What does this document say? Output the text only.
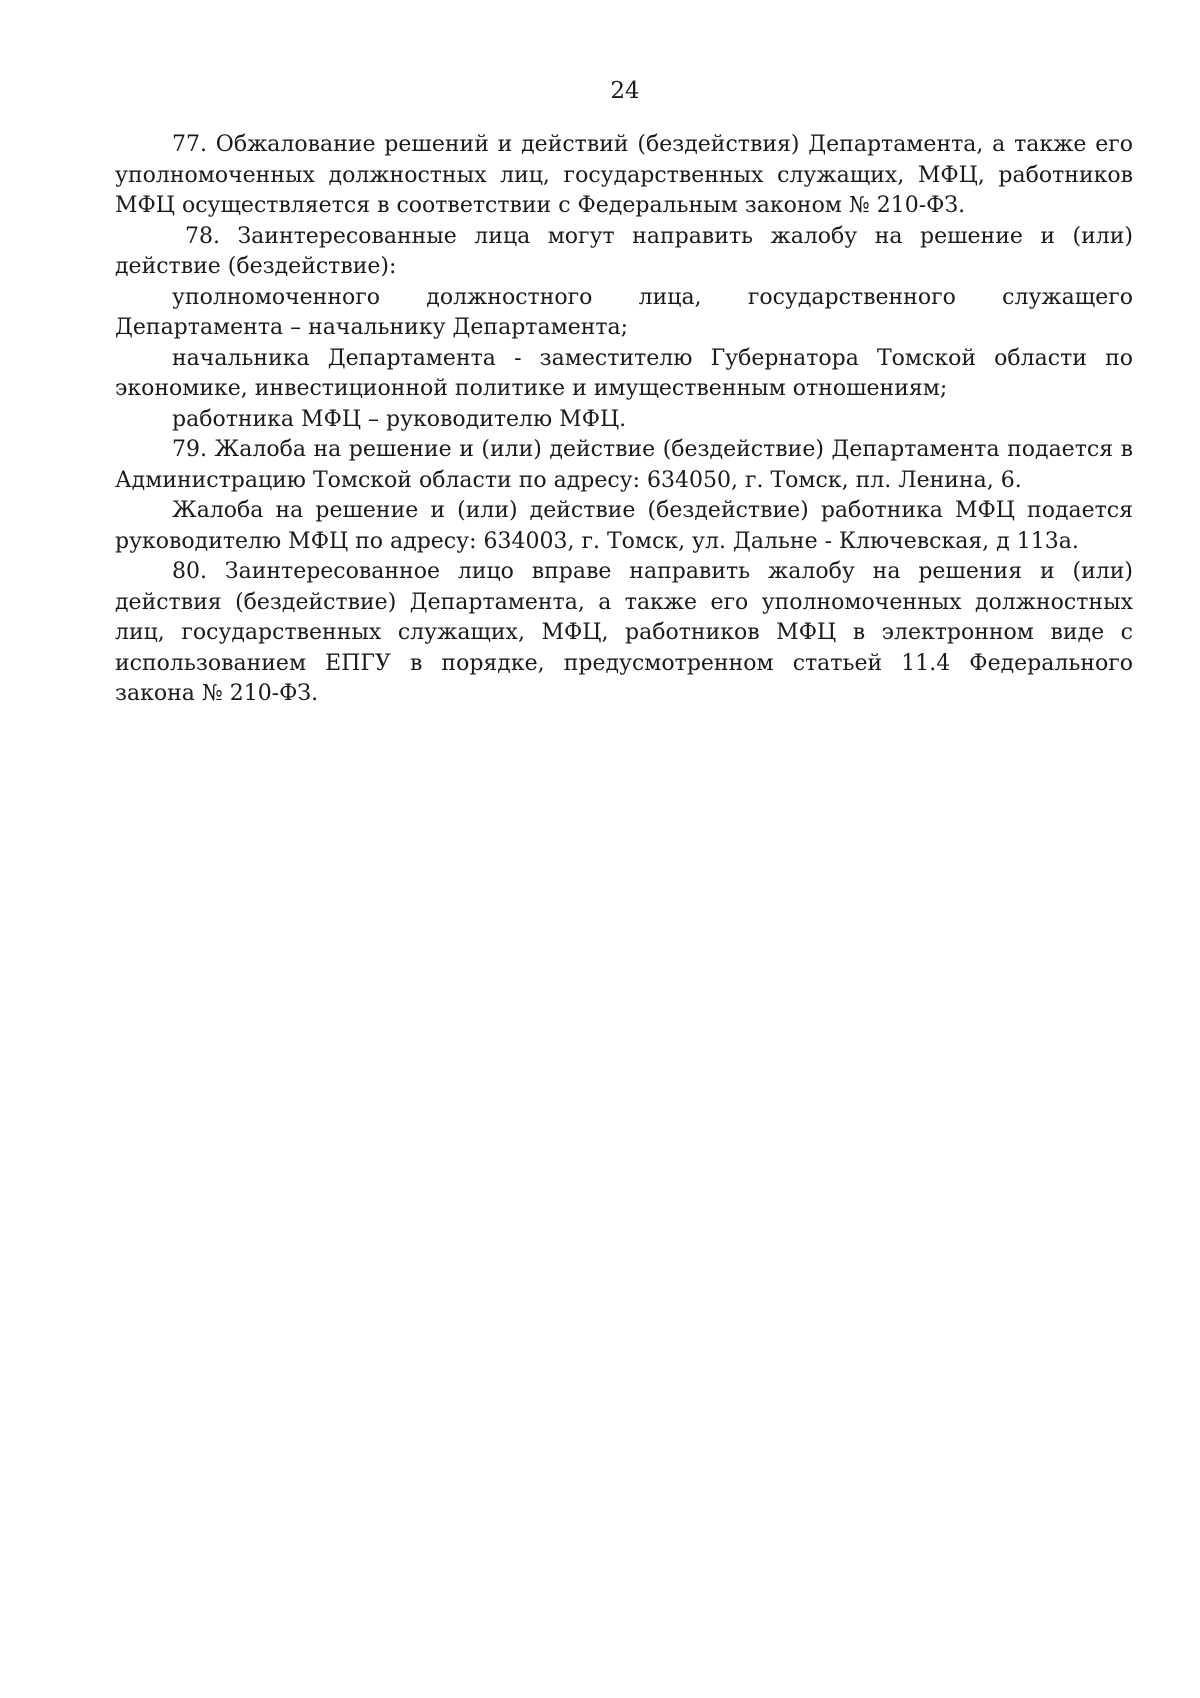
24

77. Обжалование решений и действий (бездействия) Департамента, а также его уполномоченных должностных лиц, государственных служащих, МФЦ, работников МФЦ осуществляется в соответствии с Федеральным законом № 210-ФЗ.

78. Заинтересованные лица могут направить жалобу на решение и (или) действие (бездействие):

уполномоченного должностного лица, государственного служащего Департамента – начальнику Департамента;

начальника Департамента - заместителю Губернатора Томской области по экономике, инвестиционной политике и имущественным отношениям;

работника МФЦ – руководителю МФЦ.

79. Жалоба на решение и (или) действие (бездействие) Департамента подается в Администрацию Томской области по адресу: 634050, г. Томск, пл. Ленина, 6.

Жалоба на решение и (или) действие (бездействие) работника МФЦ подается руководителю МФЦ по адресу: 634003, г. Томск, ул. Дальне - Ключевская, д 113а.

80. Заинтересованное лицо вправе направить жалобу на решения и (или) действия (бездействие) Департамента, а также его уполномоченных должностных лиц, государственных служащих, МФЦ, работников МФЦ в электронном виде с использованием ЕПГУ в порядке, предусмотренном статьей 11.4 Федерального закона № 210-ФЗ.
